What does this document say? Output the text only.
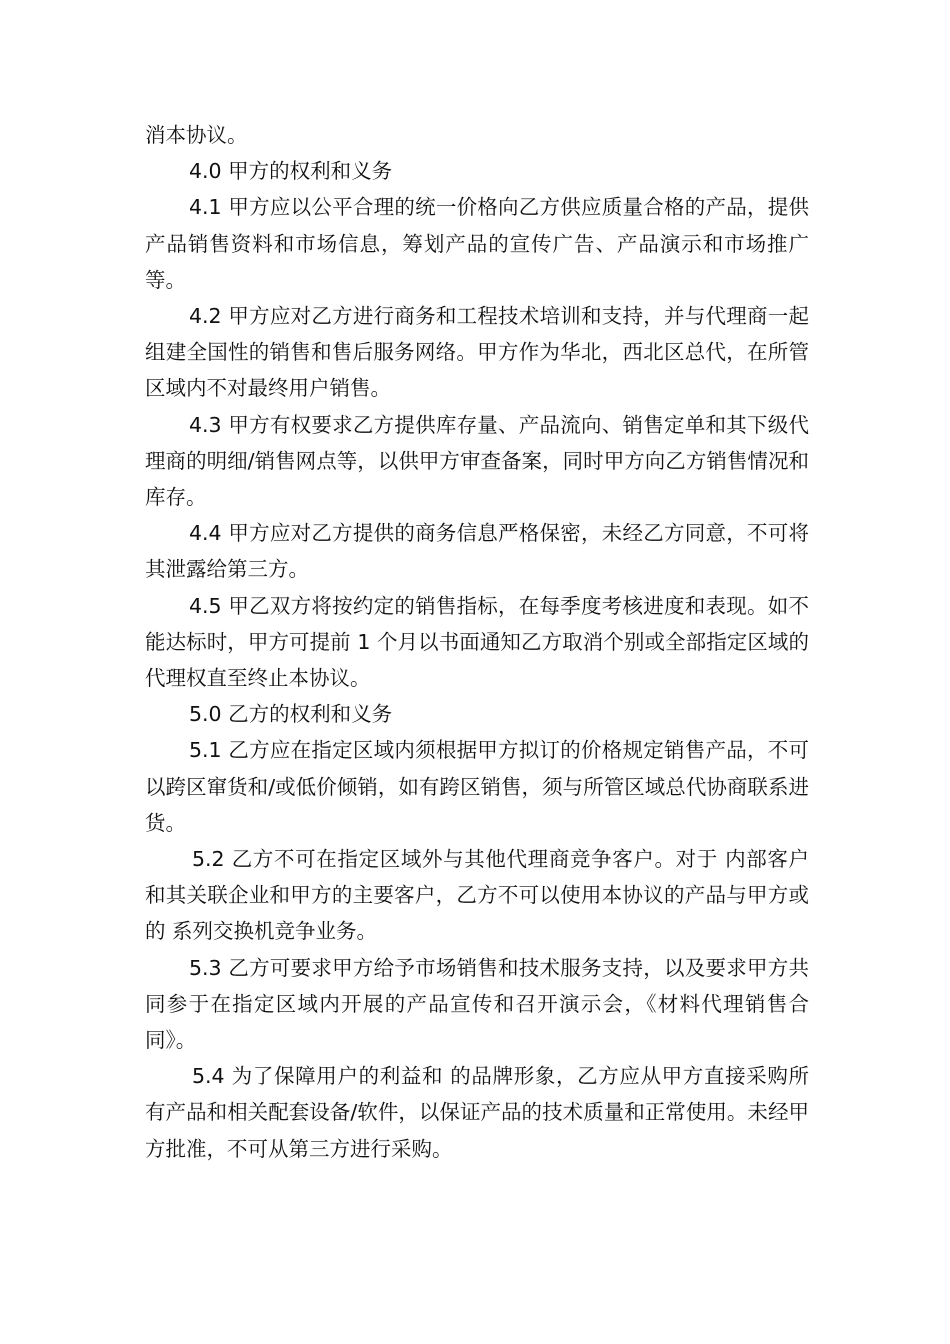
消本协议。

4.0 甲方的权利和义务

4.1 甲方应以公平合理的统一价格向乙方供应质量合格的产品，提供产品销售资料和市场信息，筹划产品的宣传广告、产品演示和市场推广等。

4.2 甲方应对乙方进行商务和工程技术培训和支持，并与代理商一起组建全国性的销售和售后服务网络。甲方作为华北，西北区总代，在所管区域内不对最终用户销售。

4.3 甲方有权要求乙方提供库存量、产品流向、销售定单和其下级代理商的明细/销售网点等，以供甲方审查备案，同时甲方向乙方销售情况和库存。

4.4 甲方应对乙方提供的商务信息严格保密，未经乙方同意，不可将其泄露给第三方。

4.5 甲乙双方将按约定的销售指标，在每季度考核进度和表现。如不能达标时，甲方可提前 1 个月以书面通知乙方取消个别或全部指定区域的代理权直至终止本协议。

5.0 乙方的权利和义务

5.1 乙方应在指定区域内须根据甲方拟订的价格规定销售产品，不可以跨区窜货和/或低价倾销，如有跨区销售，须与所管区域总代协商联系进货。

5.2 乙方不可在指定区域外与其他代理商竞争客户。对于 内部客户和其关联企业和甲方的主要客户，乙方不可以使用本协议的产品与甲方或 的 系列交换机竞争业务。

5.3 乙方可要求甲方给予市场销售和技术服务支持，以及要求甲方共同参于在指定区域内开展的产品宣传和召开演示会，《材料代理销售合同》。

5.4 为了保障用户的利益和 的品牌形象，乙方应从甲方直接采购所有产品和相关配套设备/软件，以保证产品的技术质量和正常使用。未经甲方批准，不可从第三方进行采购。
